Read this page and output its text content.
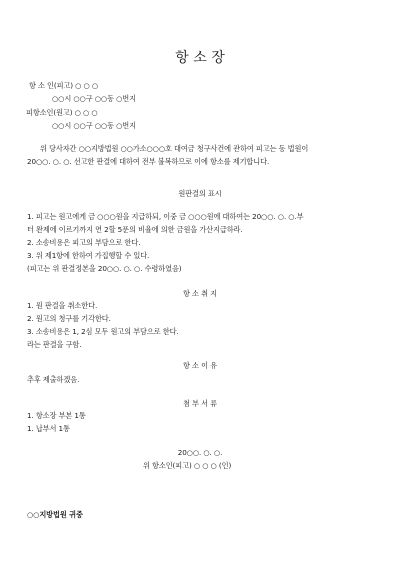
항 소 장
항 소 인(피고) ○ ○ ○
○○시 ○○구 ○○동 ○번지
피항소인(원고) ○ ○ ○
○○시 ○○구 ○○동 ○번지
위 당사자간 ○○지방법원 ○○가소○○○호 대여금 청구사건에 관하여 피고는 동 법원이
20○○. ○. ○. 선고한 판결에 대하여 전부 불복하므로 이에 항소를 제기합니다.
원판결의 표시
1. 피고는 원고에게 금 ○○○원을 지급하되, 이중 금 ○○○원에 대하여는 20○○. ○. ○.부
터 완제에 이르기까지 연 2할 5푼의 비율에 의한 금원을 가산지급하라.
2. 소송비용은 피고의 부담으로 한다.
3. 위 제1항에 한하여 가집행할 수 있다.
(피고는 위 판결정본을 20○○. ○. ○. 수령하였음)
항 소 취 지
1. 원 판결을 취소한다.
2. 원고의 청구를 기각한다.
3. 소송비용은 1, 2심 모두 원고의 부담으로 한다.
라는 판결을 구함.
항 소 이 유
추후 제출하겠음.
첨 부 서 류
1. 항소장 부본 1통
1. 납부서 1통
20○○. ○. ○.
위 항소인(피고) ○ ○ ○ (인)
○○지방법원 귀중
